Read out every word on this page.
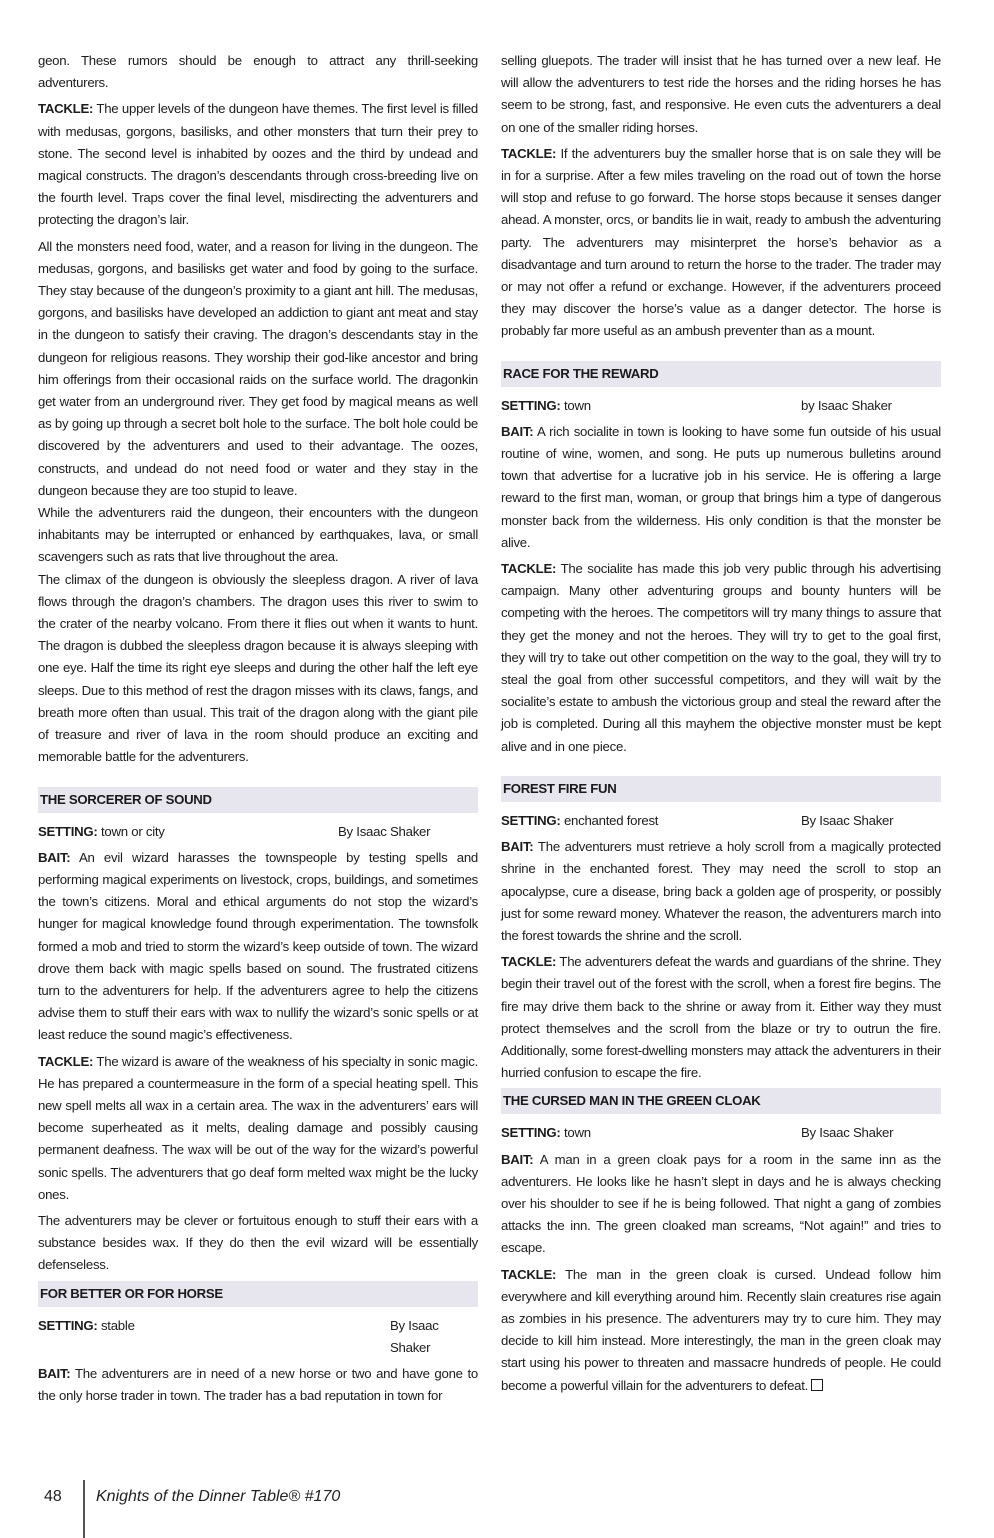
geon. These rumors should be enough to attract any thrill-seeking adventurers.

TACKLE: The upper levels of the dungeon have themes. The first level is filled with medusas, gorgons, basilisks, and other monsters that turn their prey to stone. The second level is inhabited by oozes and the third by undead and magical constructs. The dragon’s descendants through cross-breeding live on the fourth level. Traps cover the final level, misdirecting the adventurers and protecting the dragon’s lair.

All the monsters need food, water, and a reason for living in the dungeon. The medusas, gorgons, and basilisks get water and food by going to the surface. They stay because of the dungeon’s proximity to a giant ant hill. The medusas, gorgons, and basilisks have developed an addiction to giant ant meat and stay in the dungeon to satisfy their craving. The dragon’s descendants stay in the dungeon for religious reasons. They worship their god-like ancestor and bring him offerings from their occasional raids on the surface world. The dragonkin get water from an underground river. They get food by magical means as well as by going up through a secret bolt hole to the surface. The bolt hole could be discovered by the adventurers and used to their advantage. The oozes, constructs, and undead do not need food or water and they stay in the dungeon because they are too stupid to leave.

While the adventurers raid the dungeon, their encounters with the dungeon inhabitants may be interrupted or enhanced by earthquakes, lava, or small scavengers such as rats that live throughout the area.

The climax of the dungeon is obviously the sleepless dragon. A river of lava flows through the dragon’s chambers. The dragon uses this river to swim to the crater of the nearby volcano. From there it flies out when it wants to hunt. The dragon is dubbed the sleepless dragon because it is always sleeping with one eye. Half the time its right eye sleeps and during the other half the left eye sleeps. Due to this method of rest the dragon misses with its claws, fangs, and breath more often than usual. This trait of the dragon along with the giant pile of treasure and river of lava in the room should produce an exciting and memorable battle for the adventurers.

THE SORCERER OF SOUND
SETTING: town or city	By Isaac Shaker

BAIT: An evil wizard harasses the townspeople by testing spells and performing magical experiments on livestock, crops, buildings, and sometimes the town’s citizens. Moral and ethical arguments do not stop the wizard’s hunger for magical knowledge found through experimentation. The townsfolk formed a mob and tried to storm the wizard’s keep outside of town. The wizard drove them back with magic spells based on sound. The frustrated citizens turn to the adventurers for help. If the adventurers agree to help the citizens advise them to stuff their ears with wax to nullify the wizard’s sonic spells or at least reduce the sound magic’s effectiveness.

TACKLE: The wizard is aware of the weakness of his specialty in sonic magic. He has prepared a countermeasure in the form of a special heating spell. This new spell melts all wax in a certain area. The wax in the adventurers’ ears will become superheated as it melts, dealing damage and possibly causing permanent deafness. The wax will be out of the way for the wizard’s powerful sonic spells. The adventurers that go deaf form melted wax might be the lucky ones.

The adventurers may be clever or fortuitous enough to stuff their ears with a substance besides wax. If they do then the evil wizard will be essentially defenseless.

FOR BETTER OR FOR HORSE
SETTING: stable	By Isaac Shaker

BAIT: The adventurers are in need of a new horse or two and have gone to the only horse trader in town. The trader has a bad reputation in town for

selling gluepots. The trader will insist that he has turned over a new leaf. He will allow the adventurers to test ride the horses and the riding horses he has seem to be strong, fast, and responsive. He even cuts the adventurers a deal on one of the smaller riding horses.

TACKLE: If the adventurers buy the smaller horse that is on sale they will be in for a surprise. After a few miles traveling on the road out of town the horse will stop and refuse to go forward. The horse stops because it senses danger ahead. A monster, orcs, or bandits lie in wait, ready to ambush the adventuring party. The adventurers may misinterpret the horse’s behavior as a disadvantage and turn around to return the horse to the trader. The trader may or may not offer a refund or exchange. However, if the adventurers proceed they may discover the horse’s value as a danger detector. The horse is probably far more useful as an ambush preventer than as a mount.

RACE FOR THE REWARD
SETTING: town	by Isaac Shaker

BAIT: A rich socialite in town is looking to have some fun outside of his usual routine of wine, women, and song. He puts up numerous bulletins around town that advertise for a lucrative job in his service. He is offering a large reward to the first man, woman, or group that brings him a type of dangerous monster back from the wilderness. His only condition is that the monster be alive.

TACKLE: The socialite has made this job very public through his advertising campaign. Many other adventuring groups and bounty hunters will be competing with the heroes. The competitors will try many things to assure that they get the money and not the heroes. They will try to get to the goal first, they will try to take out other competition on the way to the goal, they will try to steal the goal from other successful competitors, and they will wait by the socialite’s estate to ambush the victorious group and steal the reward after the job is completed. During all this mayhem the objective monster must be kept alive and in one piece.

FOREST FIRE FUN
SETTING: enchanted forest	By Isaac Shaker

BAIT: The adventurers must retrieve a holy scroll from a magically protected shrine in the enchanted forest. They may need the scroll to stop an apocalypse, cure a disease, bring back a golden age of prosperity, or possibly just for some reward money. Whatever the reason, the adventurers march into the forest towards the shrine and the scroll.

TACKLE: The adventurers defeat the wards and guardians of the shrine. They begin their travel out of the forest with the scroll, when a forest fire begins. The fire may drive them back to the shrine or away from it. Either way they must protect themselves and the scroll from the blaze or try to outrun the fire. Additionally, some forest-dwelling monsters may attack the adventurers in their hurried confusion to escape the fire.

THE CURSED MAN IN THE GREEN CLOAK
SETTING: town	By Isaac Shaker

BAIT: A man in a green cloak pays for a room in the same inn as the adventurers. He looks like he hasn’t slept in days and he is always checking over his shoulder to see if he is being followed. That night a gang of zombies attacks the inn. The green cloaked man screams, “Not again!” and tries to escape.

TACKLE: The man in the green cloak is cursed. Undead follow him everywhere and kill everything around him. Recently slain creatures rise again as zombies in his presence. The adventurers may try to cure him. They may decide to kill him instead. More interestingly, the man in the green cloak may start using his power to threaten and massacre hundreds of people. He could become a powerful villain for the adventurers to defeat.

48 Knights of the Dinner Table® #170
